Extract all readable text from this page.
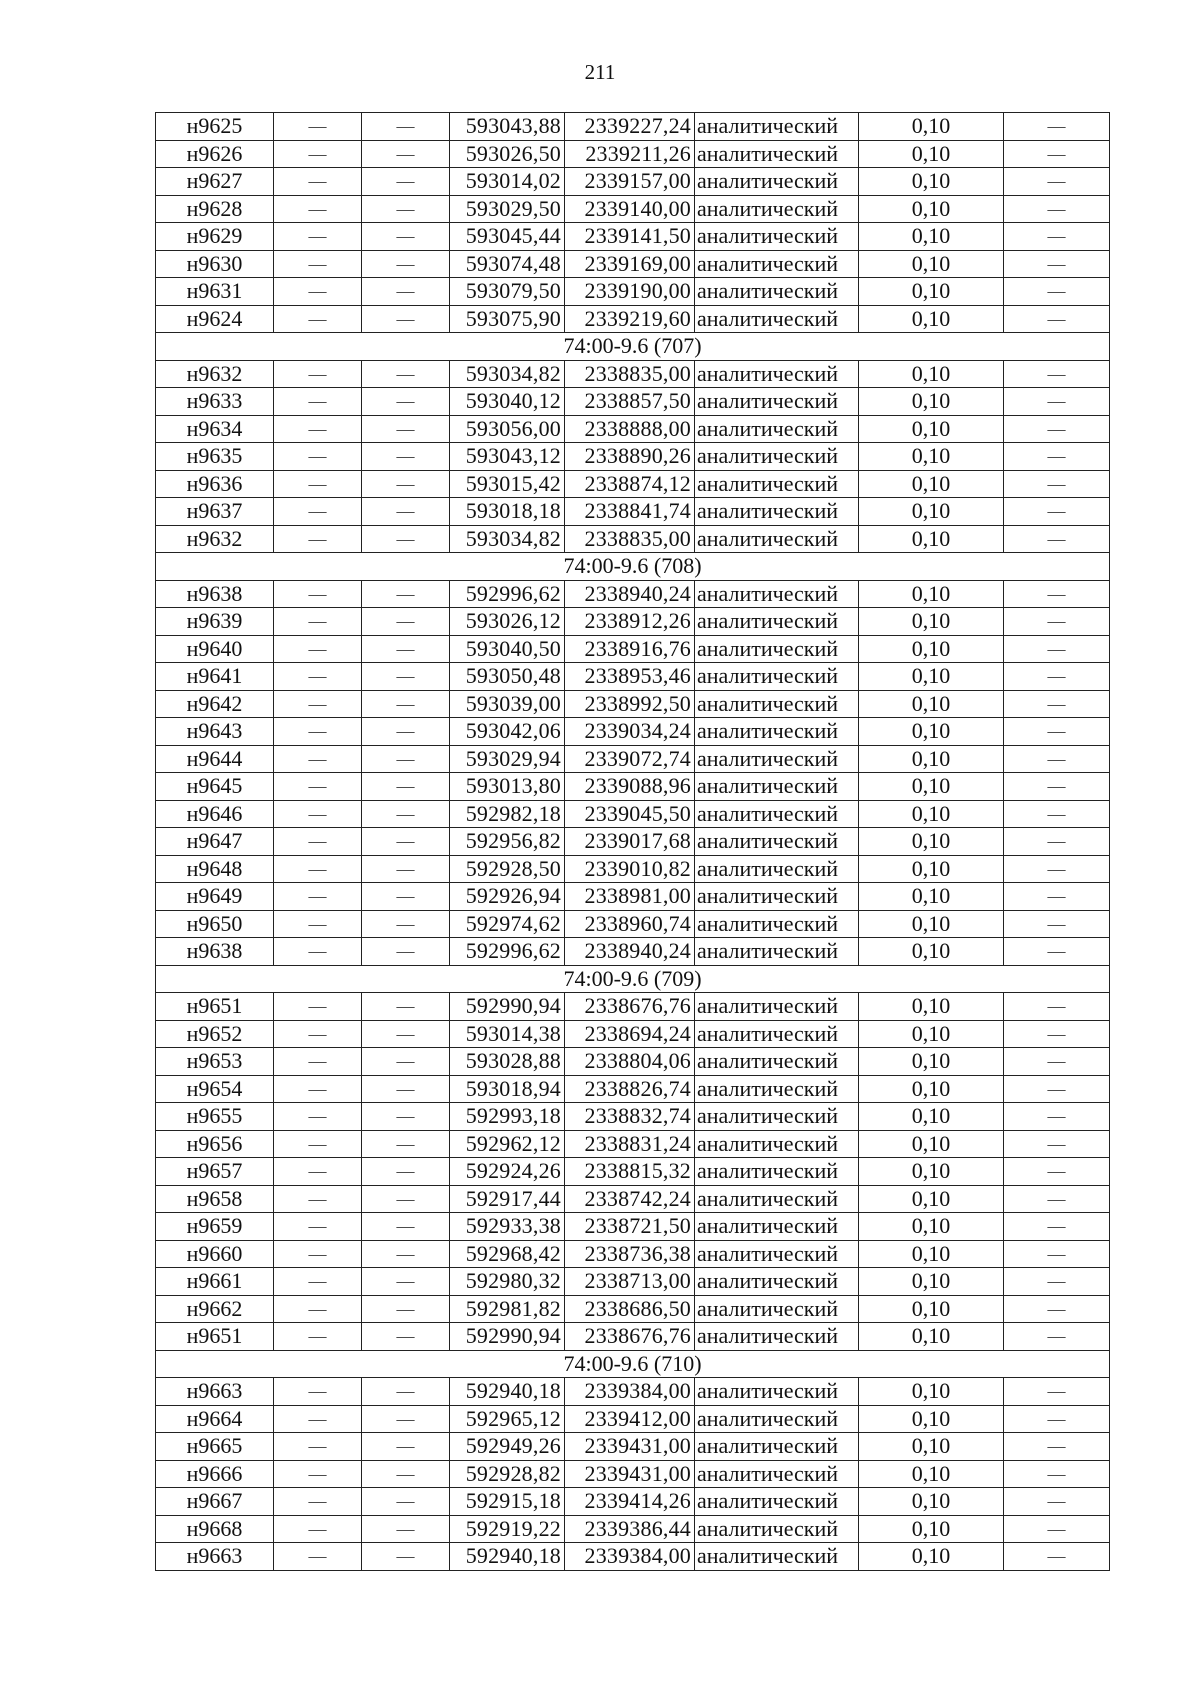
211
н9625	—	—	593043,88	2339227,24	аналитический	0,10	—
н9626	—	—	593026,50	2339211,26	аналитический	0,10	—
н9627	—	—	593014,02	2339157,00	аналитический	0,10	—
н9628	—	—	593029,50	2339140,00	аналитический	0,10	—
н9629	—	—	593045,44	2339141,50	аналитический	0,10	—
н9630	—	—	593074,48	2339169,00	аналитический	0,10	—
н9631	—	—	593079,50	2339190,00	аналитический	0,10	—
н9624	—	—	593075,90	2339219,60	аналитический	0,10	—
74:00-9.6 (707)							
н9632	—	—	593034,82	2338835,00	аналитический	0,10	—
н9633	—	—	593040,12	2338857,50	аналитический	0,10	—
н9634	—	—	593056,00	2338888,00	аналитический	0,10	—
н9635	—	—	593043,12	2338890,26	аналитический	0,10	—
н9636	—	—	593015,42	2338874,12	аналитический	0,10	—
н9637	—	—	593018,18	2338841,74	аналитический	0,10	—
н9632	—	—	593034,82	2338835,00	аналитический	0,10	—
74:00-9.6 (708)							
н9638	—	—	592996,62	2338940,24	аналитический	0,10	—
н9639	—	—	593026,12	2338912,26	аналитический	0,10	—
н9640	—	—	593040,50	2338916,76	аналитический	0,10	—
н9641	—	—	593050,48	2338953,46	аналитический	0,10	—
н9642	—	—	593039,00	2338992,50	аналитический	0,10	—
н9643	—	—	593042,06	2339034,24	аналитический	0,10	—
н9644	—	—	593029,94	2339072,74	аналитический	0,10	—
н9645	—	—	593013,80	2339088,96	аналитический	0,10	—
н9646	—	—	592982,18	2339045,50	аналитический	0,10	—
н9647	—	—	592956,82	2339017,68	аналитический	0,10	—
н9648	—	—	592928,50	2339010,82	аналитический	0,10	—
н9649	—	—	592926,94	2338981,00	аналитический	0,10	—
н9650	—	—	592974,62	2338960,74	аналитический	0,10	—
н9638	—	—	592996,62	2338940,24	аналитический	0,10	—
74:00-9.6 (709)							
н9651	—	—	592990,94	2338676,76	аналитический	0,10	—
н9652	—	—	593014,38	2338694,24	аналитический	0,10	—
н9653	—	—	593028,88	2338804,06	аналитический	0,10	—
н9654	—	—	593018,94	2338826,74	аналитический	0,10	—
н9655	—	—	592993,18	2338832,74	аналитический	0,10	—
н9656	—	—	592962,12	2338831,24	аналитический	0,10	—
н9657	—	—	592924,26	2338815,32	аналитический	0,10	—
н9658	—	—	592917,44	2338742,24	аналитический	0,10	—
н9659	—	—	592933,38	2338721,50	аналитический	0,10	—
н9660	—	—	592968,42	2338736,38	аналитический	0,10	—
н9661	—	—	592980,32	2338713,00	аналитический	0,10	—
н9662	—	—	592981,82	2338686,50	аналитический	0,10	—
н9651	—	—	592990,94	2338676,76	аналитический	0,10	—
74:00-9.6 (710)							
н9663	—	—	592940,18	2339384,00	аналитический	0,10	—
н9664	—	—	592965,12	2339412,00	аналитический	0,10	—
н9665	—	—	592949,26	2339431,00	аналитический	0,10	—
н9666	—	—	592928,82	2339431,00	аналитический	0,10	—
н9667	—	—	592915,18	2339414,26	аналитический	0,10	—
н9668	—	—	592919,22	2339386,44	аналитический	0,10	—
н9663	—	—	592940,18	2339384,00	аналитический	0,10	—
